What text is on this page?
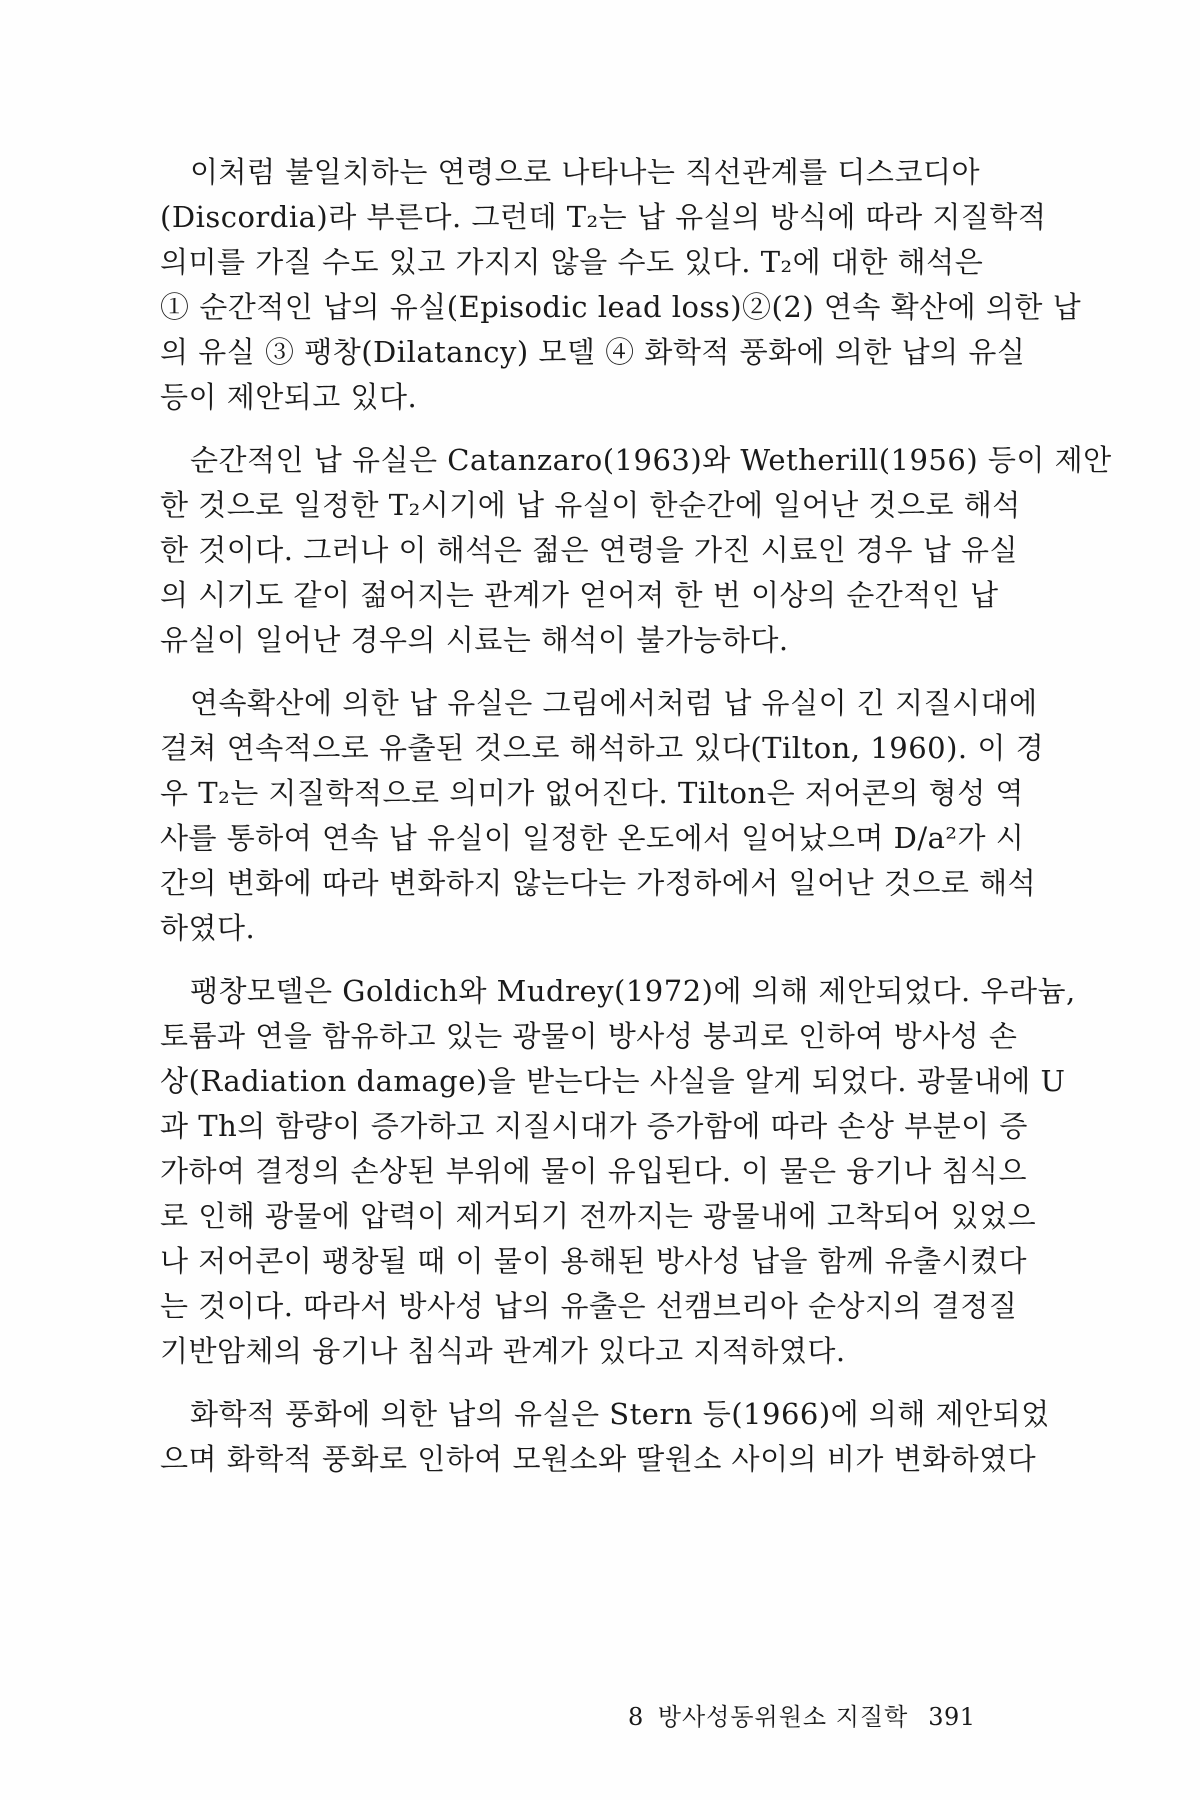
이처럼 불일치하는 연령으로 나타나는 직선관계를 디스코디아
(Discordia)라 부른다. 그런데 T₂는 납 유실의 방식에 따라 지질학적
의미를 가질 수도 있고 가지지 않을 수도 있다. T₂에 대한 해석은
① 순간적인 납의 유실(Episodic lead loss)②(2) 연속 확산에 의한 납
의 유실 ③ 팽창(Dilatancy) 모델 ④ 화학적 풍화에 의한 납의 유실
등이 제안되고 있다.

순간적인 납 유실은 Catanzaro(1963)와 Wetherill(1956) 등이 제안
한 것으로 일정한 T₂시기에 납 유실이 한순간에 일어난 것으로 해석
한 것이다. 그러나 이 해석은 젊은 연령을 가진 시료인 경우 납 유실
의 시기도 같이 젊어지는 관계가 얻어져 한 번 이상의 순간적인 납
유실이 일어난 경우의 시료는 해석이 불가능하다.

연속확산에 의한 납 유실은 그림에서처럼 납 유실이 긴 지질시대에
걸쳐 연속적으로 유출된 것으로 해석하고 있다(Tilton, 1960). 이 경
우 T₂는 지질학적으로 의미가 없어진다. Tilton은 저어콘의 형성 역
사를 통하여 연속 납 유실이 일정한 온도에서 일어났으며 D/a²가 시
간의 변화에 따라 변화하지 않는다는 가정하에서 일어난 것으로 해석
하였다.

팽창모델은 Goldich와 Mudrey(1972)에 의해 제안되었다. 우라늄,
토륨과 연을 함유하고 있는 광물이 방사성 붕괴로 인하여 방사성 손
상(Radiation damage)을 받는다는 사실을 알게 되었다. 광물내에 U
과 Th의 함량이 증가하고 지질시대가 증가함에 따라 손상 부분이 증
가하여 결정의 손상된 부위에 물이 유입된다. 이 물은 융기나 침식으
로 인해 광물에 압력이 제거되기 전까지는 광물내에 고착되어 있었으
나 저어콘이 팽창될 때 이 물이 용해된 방사성 납을 함께 유출시켰다
는 것이다. 따라서 방사성 납의 유출은 선캠브리아 순상지의 결정질
기반암체의 융기나 침식과 관계가 있다고 지적하였다.

화학적 풍화에 의한 납의 유실은 Stern 등(1966)에 의해 제안되었
으며 화학적 풍화로 인하여 모원소와 딸원소 사이의 비가 변화하였다

8 방사성동위원소 지질학 391
